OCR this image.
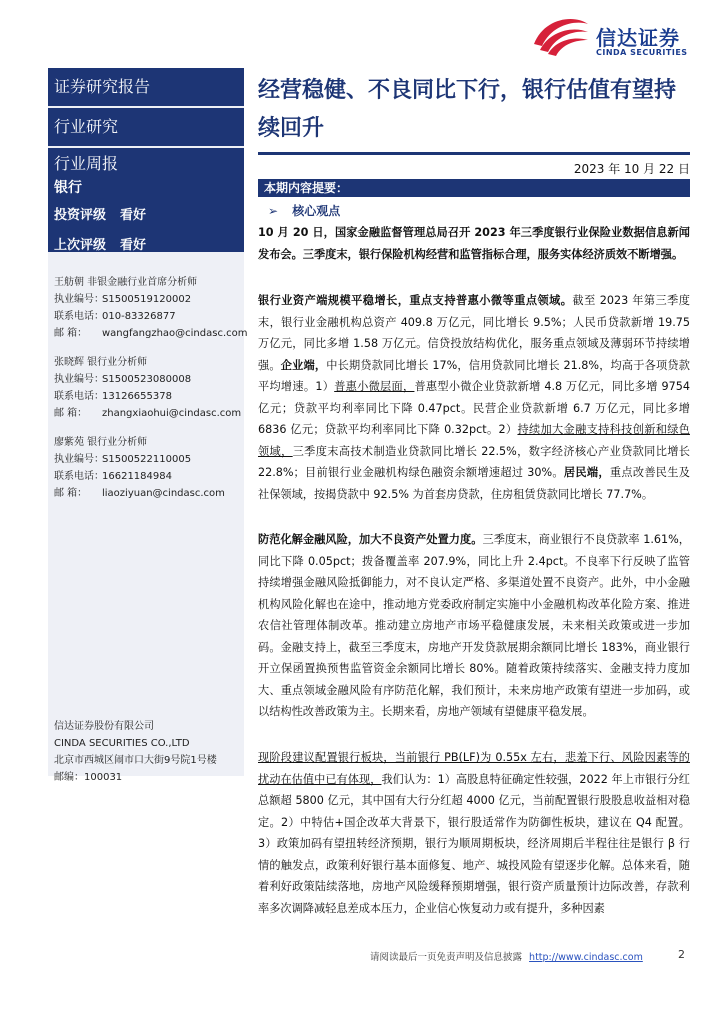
信达证券
CINDA SECURITIES
证券研究报告
行业研究
行业周报
银行
投资评级 看好
上次评级 看好
王舫朝 非银金融行业首席分析师
执业编号：S1500519120002
联系电话：010-83326877
邮 箱： wangfangzhao@cindasc.com
张晓辉 银行业分析师
执业编号：S1500523080008
联系电话：13126655378
邮 箱： zhangxiaohui@cindasc.com
廖紫苑 银行业分析师
执业编号：S1500522110005
联系电话：16621184984
邮 箱： liaoziyuan@cindasc.com
信达证券股份有限公司
CINDA SECURITIES CO.,LTD
北京市西城区闹市口大街9号院1号楼
邮编：100031
经营稳健、不良同比下行，银行估值有望持续回升
2023 年 10 月 22 日
本期内容提要：
➢ 核心观点
10 月 20 日，国家金融监督管理总局召开 2023 年三季度银行业保险业数据信息新闻发布会。三季度末，银行保险机构经营和监管指标合理，服务实体经济质效不断增强。
银行业资产端规模平稳增长，重点支持普惠小微等重点领域。截至 2023 年第三季度末，银行业金融机构总资产 409.8 万亿元，同比增长 9.5%；人民币贷款新增 19.75 万亿元，同比多增 1.58 万亿元。信贷投放结构优化，服务重点领域及薄弱环节持续增强。企业端，中长期贷款同比增长 17%，信用贷款同比增长 21.8%，均高于各项贷款平均增速。1）普惠小微层面，普惠型小微企业贷款新增 4.8 万亿元，同比多增 9754 亿元；贷款平均利率同比下降 0.47pct。民营企业贷款新增 6.7 万亿元，同比多增 6836 亿元；贷款平均利率同比下降 0.32pct。2）持续加大金融支持科技创新和绿色领域，三季度末高技术制造业贷款同比增长 22.5%，数字经济核心产业贷款同比增长 22.8%；目前银行业金融机构绿色融资余额增速超过 30%。居民端，重点改善民生及社保领域，按揭贷款中 92.5% 为首套房贷款，住房租赁贷款同比增长 77.7%。
防范化解金融风险，加大不良资产处置力度。三季度末，商业银行不良贷款率 1.61%，同比下降 0.05pct；拨备覆盖率 207.9%，同比上升 2.4pct。不良率下行反映了监管持续增强金融风险抵御能力，对不良认定严格、多渠道处置不良资产。此外，中小金融机构风险化解也在途中，推动地方党委政府制定实施中小金融机构改革化险方案、推进农信社管理体制改革。推动建立房地产市场平稳健康发展，未来相关政策或进一步加码。金融支持上，截至三季度末，房地产开发贷款展期余额同比增长 183%，商业银行开立保函置换预售监管资金余额同比增长 80%。随着政策持续落实、金融支持力度加大、重点领域金融风险有序防范化解，我们预计，未来房地产政策有望进一步加码，或以结构性改善政策为主。长期来看，房地产领域有望健康平稳发展。
现阶段建议配置银行板块，当前银行 PB(LF)为 0.55x 左右，悲羞下行、风险因素等的扰动在估值中已有体现，我们认为：1）高股息特征确定性较强，2022 年上市银行分红总额超 5800 亿元，其中国有大行分红超 4000 亿元，当前配置银行股股息收益相对稳定。2）中特估+国企改革大背景下，银行股适常作为防御性板块，建议在 Q4 配置。3）政策加码有望扭转经济预期，银行为顺周期板块，经济周期后半程往往是银行 β 行情的触发点，政策利好银行基本面修复、地产、城投风险有望逐步化解。总体来看，随着利好政策陆续落地，房地产风险缓释预期增强，银行资产质量预计边际改善，存款利率多次调降减轻息差成本压力，企业信心恢复动力或有提升，多种因素
请阅读最后一页免责声明及信息披露 http://www.cindasc.com	2
